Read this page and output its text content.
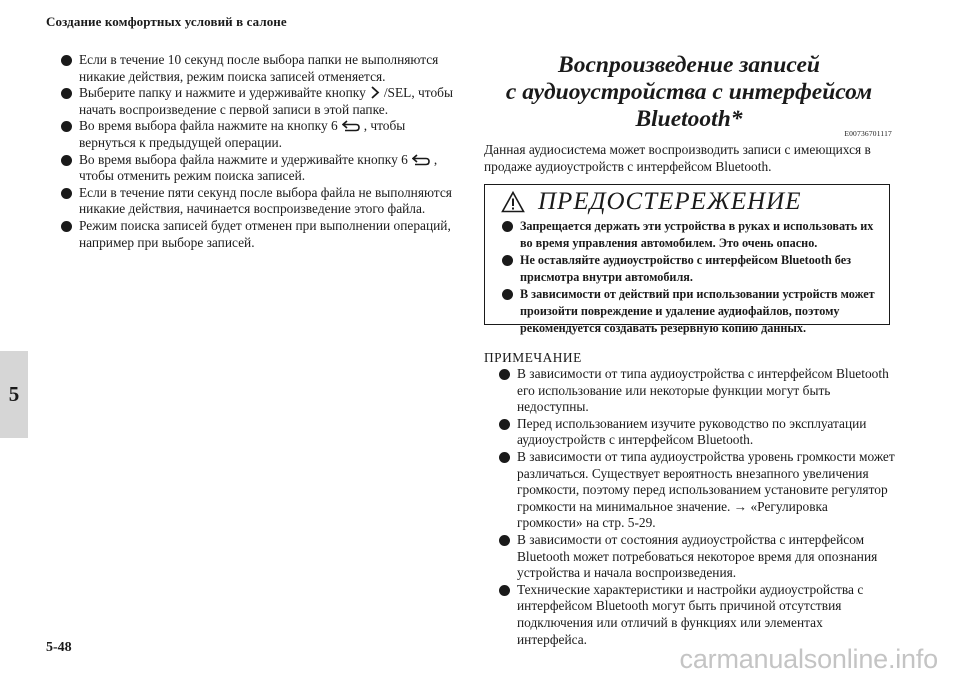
Создание комфортных условий в салоне
5
5-48	carmanualsonline.info
Если в течение 10 секунд после выбора папки не выполняются никакие действия, режим поиска записей отменяется.
Выберите папку и нажмите и удерживайте кнопку /SEL, чтобы начать воспроизведение с первой записи в этой папке.
Во время выбора файла нажмите на кнопку 6 , чтобы вернуться к предыдущей операции.
Во время выбора файла нажмите и удерживайте кнопку 6 , чтобы отменить режим поиска записей.
Если в течение пяти секунд после выбора файла не выполняются никакие действия, начинается воспроизведение этого файла.
Режим поиска записей будет отменен при выполнении операций, например при выборе записей.
Воспроизведение записей
с аудиоустройства с интерфейсом
Bluetooth*
E00736701117
Данная аудиосистема может воспроизводить записи с имеющихся в продаже аудиоустройств с интерфейсом Bluetooth.
ПРЕДОСТЕРЕЖЕНИЕ
Запрещается держать эти устройства в руках и использовать их во время управления автомобилем. Это очень опасно.
Не оставляйте аудиоустройство с интерфейсом Bluetooth без присмотра внутри автомобиля.
В зависимости от действий при использовании устройств может произойти повреждение и удаление аудиофайлов, поэтому рекомендуется создавать резервную копию данных.
ПРИМЕЧАНИЕ
В зависимости от типа аудиоустройства с интерфейсом Bluetooth его использование или некоторые функции могут быть недоступны.
Перед использованием изучите руководство по эксплуатации аудиоустройств с интерфейсом Bluetooth.
В зависимости от типа аудиоустройства уровень громкости может различаться. Существует вероятность внезапного увеличения громкости, поэтому перед использованием установите регулятор громкости на минимальное значение. → «Регулировка громкости» на стр. 5-29.
В зависимости от состояния аудиоустройства с интерфейсом Bluetooth может потребоваться некоторое время для опознания устройства и начала воспроизведения.
Технические характеристики и настройки аудиоустройства с интерфейсом Bluetooth могут быть причиной отсутствия подключения или отличий в функциях или элементах интерфейса.
